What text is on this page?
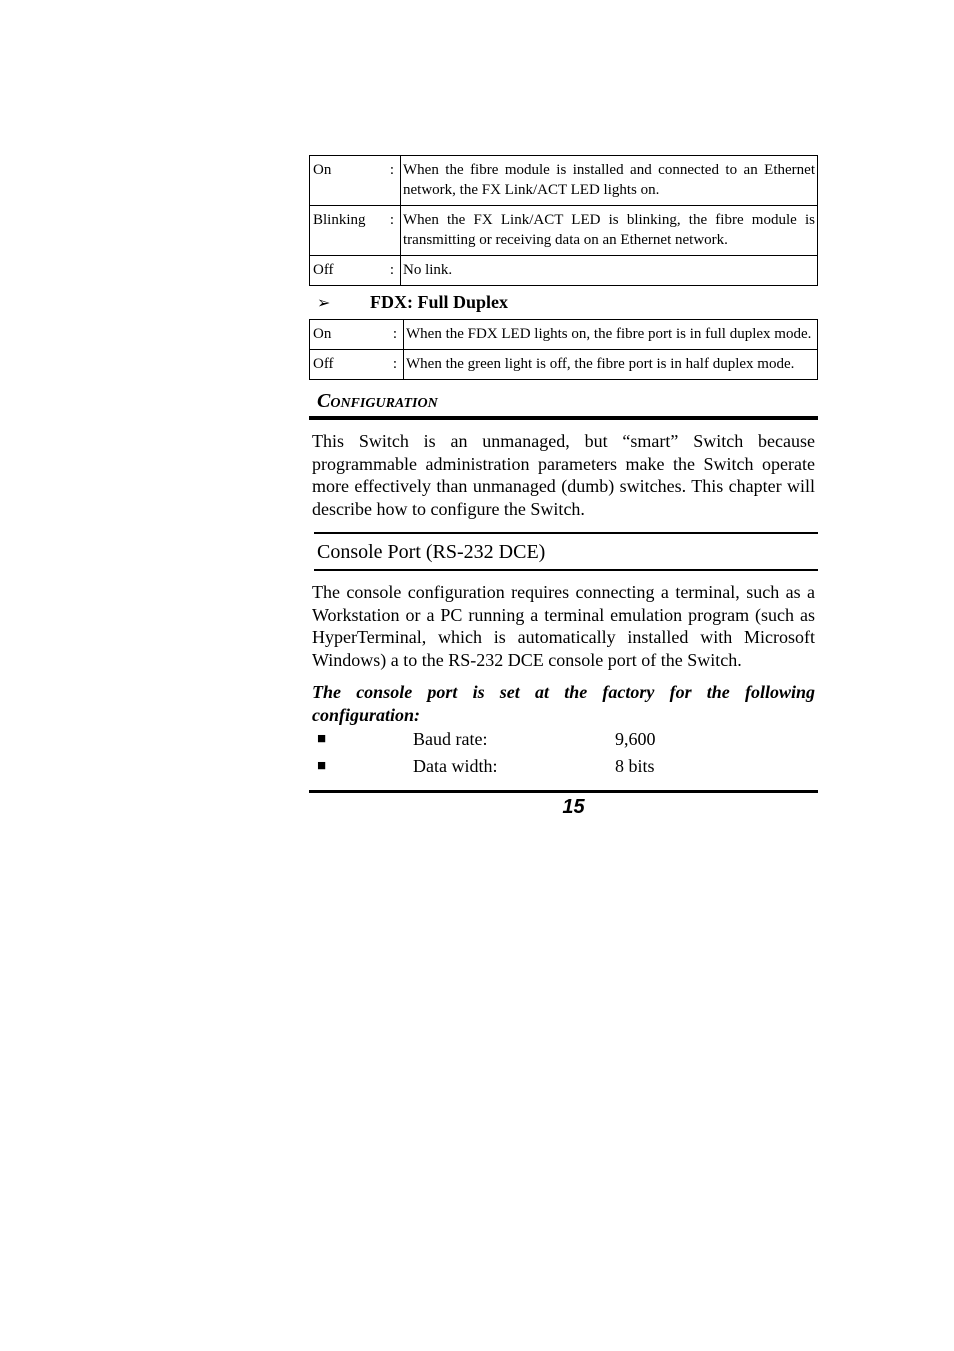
On :	When the fibre module is installed and connected to an Ethernet network, the FX Link/ACT LED lights on.
Blinking :	When the FX Link/ACT LED is blinking, the fibre module is transmitting or receiving data on an Ethernet network.
Off :	No link.
➢	FDX: Full Duplex
On :	When the FDX LED lights on, the fibre port is in full duplex mode.
Off :	When the green light is off, the fibre port is in half duplex mode.
Configuration

This Switch is an unmanaged, but “smart” Switch because programmable administration parameters make the Switch operate more effectively than unmanaged (dumb) switches. This chapter will describe how to configure the Switch.

Console Port (RS-232 DCE)

The console configuration requires connecting a terminal, such as a Workstation or a PC running a terminal emulation program (such as HyperTerminal, which is automatically installed with Microsoft Windows) a to the RS-232 DCE console port of the Switch.

The console port is set at the factory for the following configuration:

■	Baud rate:	9,600
■	Data width:	8 bits
15
